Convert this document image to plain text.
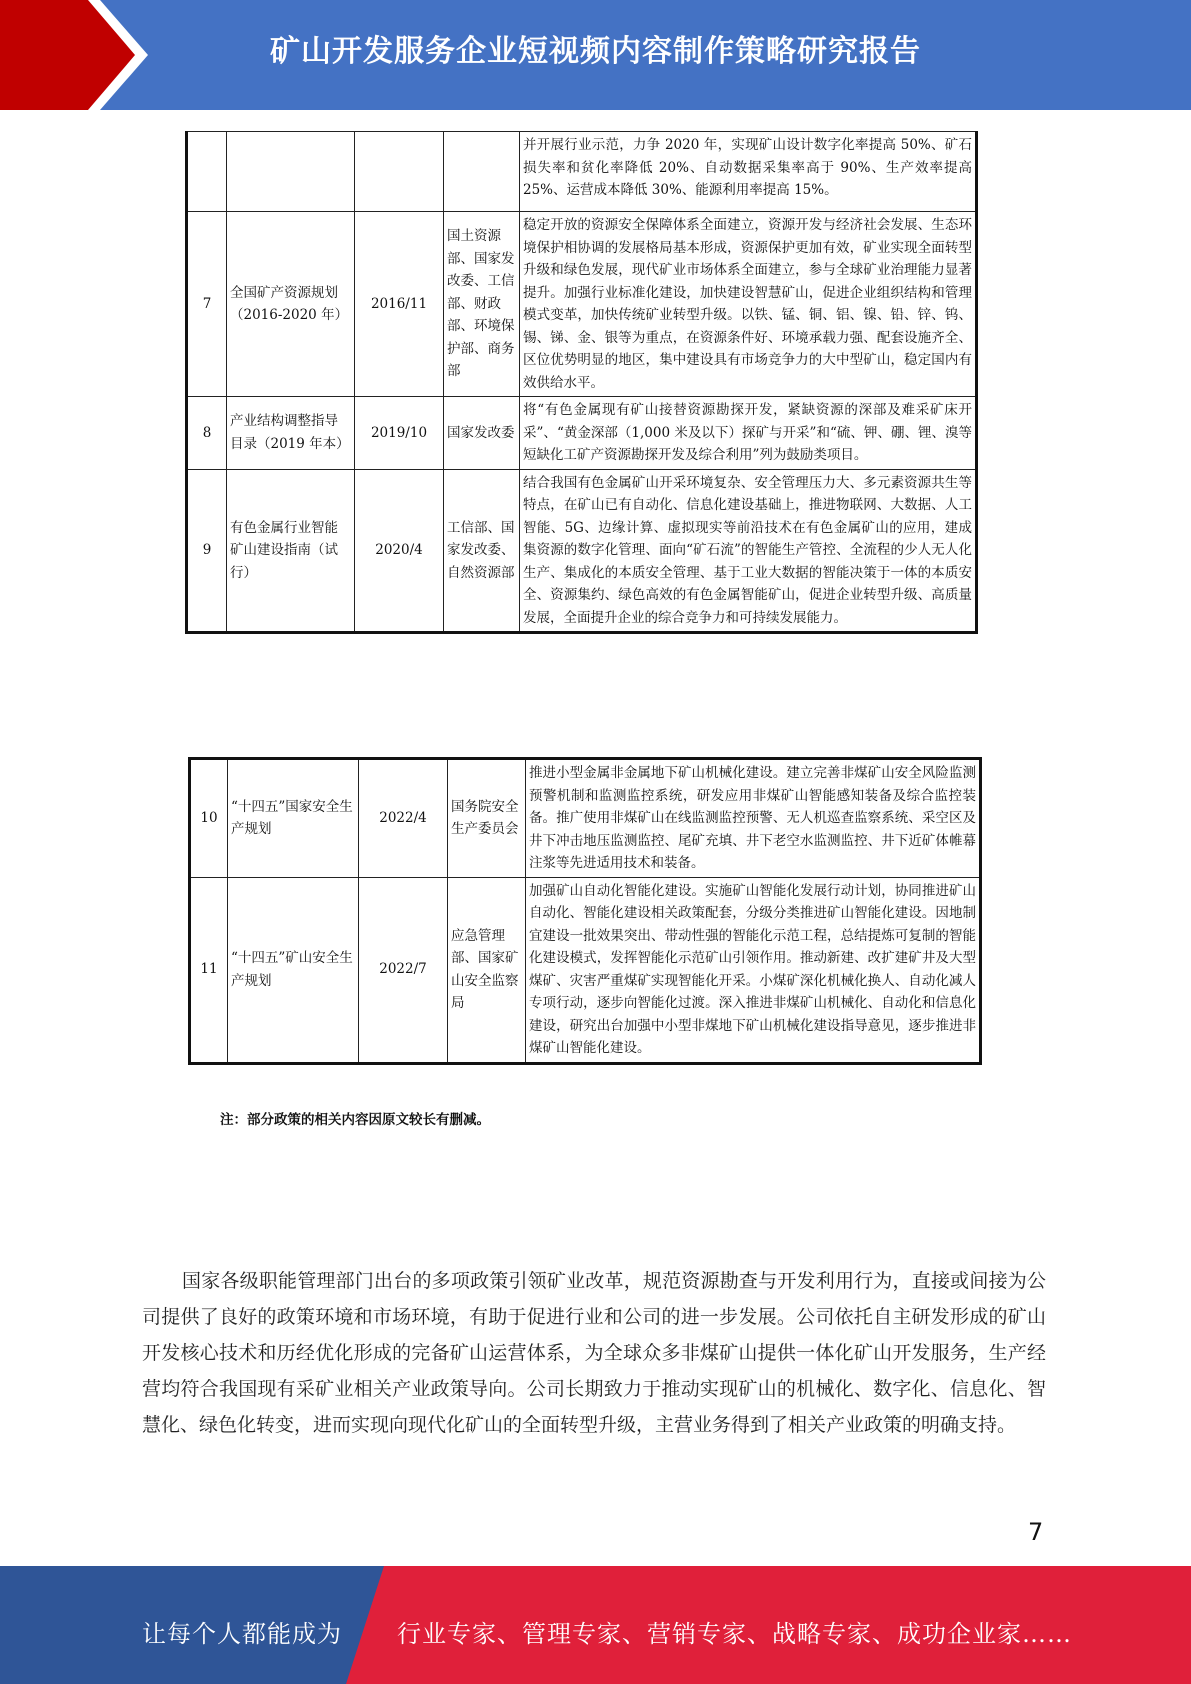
矿山开发服务企业短视频内容制作策略研究报告
				并开展行业示范，力争 2020 年，实现矿山设计数字化率提高 50%、矿石损失率和贫化率降低 20%、自动数据采集率高于 90%、生产效率提高 25%、运营成本降低 30%、能源利用率提高 15%。
7	全国矿产资源规划（2016-2020 年）	2016/11	国土资源部、国家发改委、工信部、财政部、环境保护部、商务部	稳定开放的资源安全保障体系全面建立，资源开发与经济社会发展、生态环境保护相协调的发展格局基本形成，资源保护更加有效，矿业实现全面转型升级和绿色发展，现代矿业市场体系全面建立，参与全球矿业治理能力显著提升。加强行业标准化建设，加快建设智慧矿山，促进企业组织结构和管理模式变革，加快传统矿业转型升级。以铁、锰、铜、铝、镍、铅、锌、钨、锡、锑、金、银等为重点，在资源条件好、环境承载力强、配套设施齐全、区位优势明显的地区，集中建设具有市场竞争力的大中型矿山，稳定国内有效供给水平。
8	产业结构调整指导目录（2019 年本）	2019/10	国家发改委	将“有色金属现有矿山接替资源勘探开发，紧缺资源的深部及难采矿床开采”、“黄金深部（1,000 米及以下）探矿与开采”和“硫、钾、硼、锂、溴等短缺化工矿产资源勘探开发及综合利用”列为鼓励类项目。
9	有色金属行业智能矿山建设指南（试行）	2020/4	工信部、国家发改委、自然资源部	结合我国有色金属矿山开采环境复杂、安全管理压力大、多元素资源共生等特点，在矿山已有自动化、信息化建设基础上，推进物联网、大数据、人工智能、5G、边缘计算、虚拟现实等前沿技术在有色金属矿山的应用，建成集资源的数字化管理、面向“矿石流”的智能生产管控、全流程的少人无人化生产、集成化的本质安全管理、基于工业大数据的智能决策于一体的本质安全、资源集约、绿色高效的有色金属智能矿山，促进企业转型升级、高质量发展，全面提升企业的综合竞争力和可持续发展能力。
10	“十四五”国家安全生产规划	2022/4	国务院安全生产委员会	推进小型金属非金属地下矿山机械化建设。建立完善非煤矿山安全风险监测预警机制和监测监控系统，研发应用非煤矿山智能感知装备及综合监控装备。推广使用非煤矿山在线监测监控预警、无人机巡查监察系统、采空区及井下冲击地压监测监控、尾矿充填、井下老空水监测监控、井下近矿体帷幕注浆等先进适用技术和装备。
11	“十四五”矿山安全生产规划	2022/7	应急管理部、国家矿山安全监察局	加强矿山自动化智能化建设。实施矿山智能化发展行动计划，协同推进矿山自动化、智能化建设相关政策配套，分级分类推进矿山智能化建设。因地制宜建设一批效果突出、带动性强的智能化示范工程，总结提炼可复制的智能化建设模式，发挥智能化示范矿山引领作用。推动新建、改扩建矿井及大型煤矿、灾害严重煤矿实现智能化开采。小煤矿深化机械化换人、自动化减人专项行动，逐步向智能化过渡。深入推进非煤矿山机械化、自动化和信息化建设，研究出台加强中小型非煤地下矿山机械化建设指导意见，逐步推进非煤矿山智能化建设。
注：部分政策的相关内容因原文较长有删减。

国家各级职能管理部门出台的多项政策引领矿业改革，规范资源勘查与开发利用行为，直接或间接为公司提供了良好的政策环境和市场环境，有助于促进行业和公司的进一步发展。公司依托自主研发形成的矿山开发核心技术和历经优化形成的完备矿山运营体系，为全球众多非煤矿山提供一体化矿山开发服务，生产经营均符合我国现有采矿业相关产业政策导向。公司长期致力于推动实现矿山的机械化、数字化、信息化、智慧化、绿色化转变，进而实现向现代化矿山的全面转型升级，主营业务得到了相关产业政策的明确支持。

7
让每个人都能成为 行业专家、管理专家、营销专家、战略专家、成功企业家……
